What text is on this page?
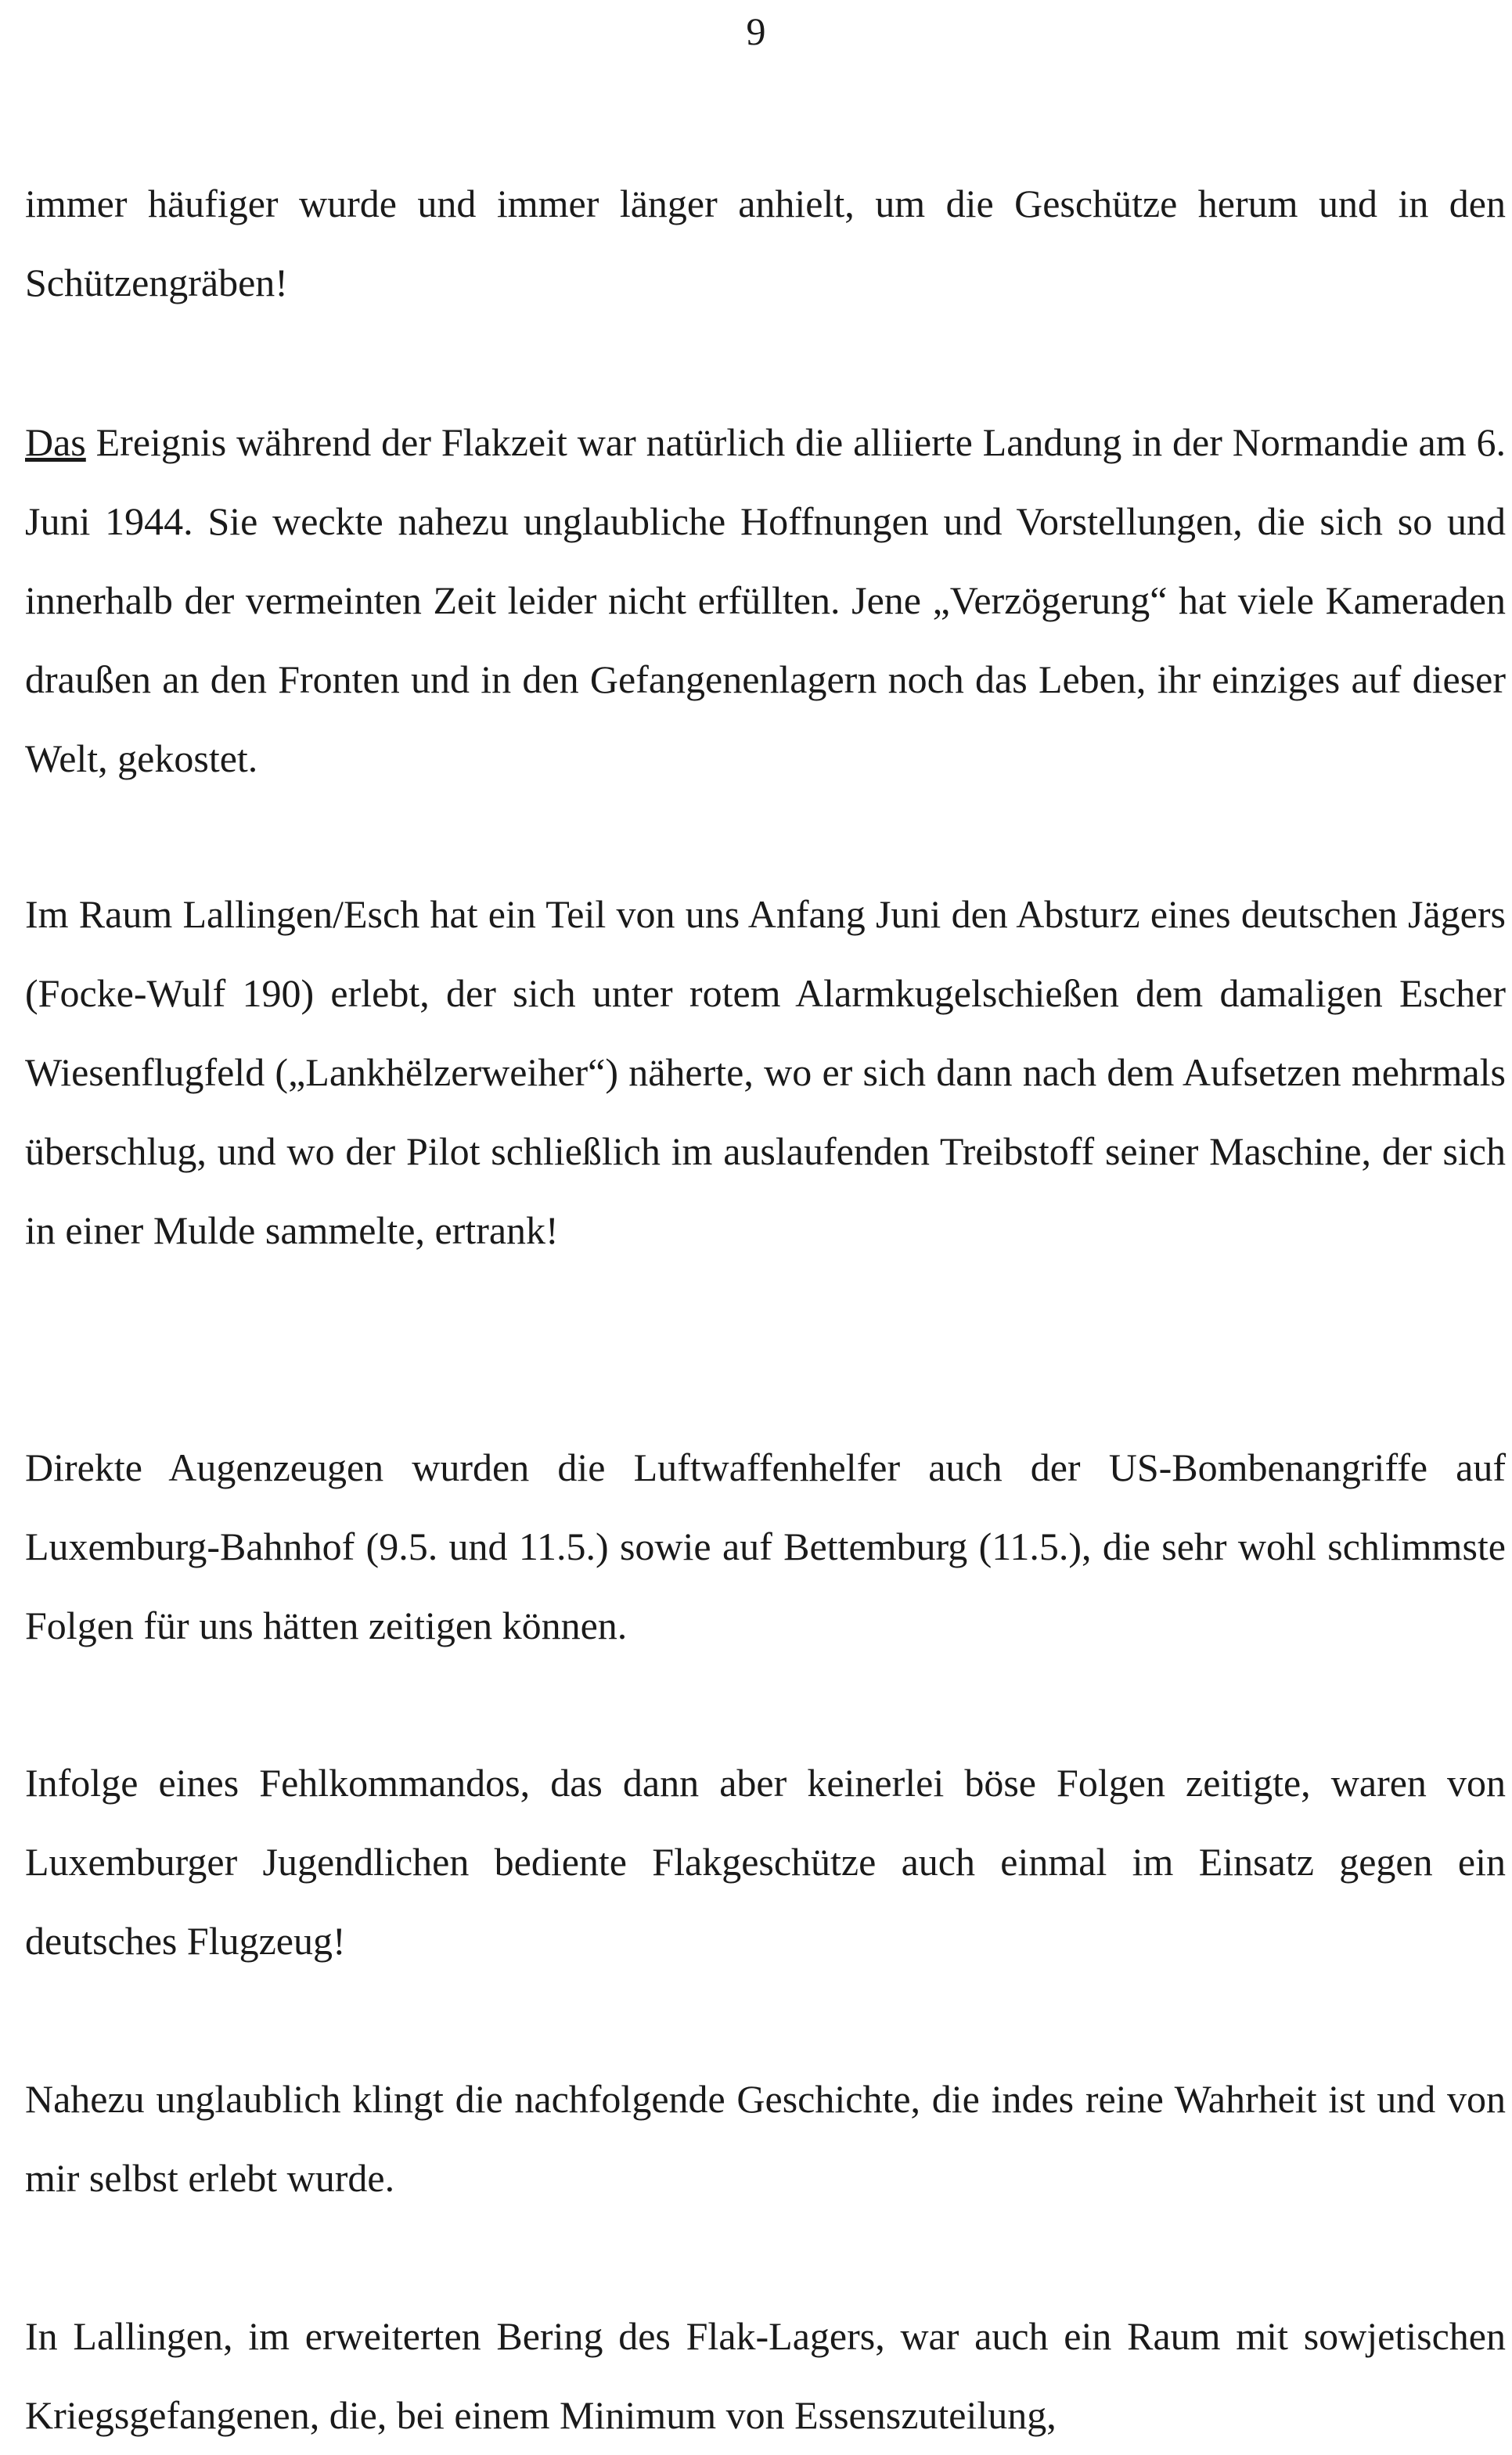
9

immer häufiger wurde und immer länger anhielt, um die Geschütze herum und in den Schützengräben!

Das Ereignis während der Flakzeit war natürlich die alliierte Landung in der Normandie am 6. Juni 1944. Sie weckte nahezu unglaubliche Hoffnungen und Vorstellungen, die sich so und innerhalb der vermeinten Zeit leider nicht erfüllten. Jene „Verzögerung“ hat viele Kameraden draußen an den Fronten und in den Gefangenenlagern noch das Leben, ihr einziges auf dieser Welt, gekostet.

Im Raum Lallingen/Esch hat ein Teil von uns Anfang Juni den Absturz eines deutschen Jägers (Focke-Wulf 190) erlebt, der sich unter rotem Alarmkugelschießen dem damaligen Escher Wiesenflugfeld („Lankhëlzerweiher“) näherte, wo er sich dann nach dem Aufsetzen mehrmals überschlug, und wo der Pilot schließlich im auslaufenden Treibstoff seiner Maschine, der sich in einer Mulde sammelte, ertrank!

Direkte Augenzeugen wurden die Luftwaffenhelfer auch der US-Bombenangriffe auf Luxemburg-Bahnhof (9.5. und 11.5.) sowie auf Bettemburg (11.5.), die sehr wohl schlimmste Folgen für uns hätten zeitigen können.

Infolge eines Fehlkommandos, das dann aber keinerlei böse Folgen zeitigte, waren von Luxemburger Jugendlichen bediente Flakgeschütze auch einmal im Einsatz gegen ein deutsches Flugzeug!

Nahezu unglaublich klingt die nachfolgende Geschichte, die indes reine Wahrheit ist und von mir selbst erlebt wurde.

In Lallingen, im erweiterten Bering des Flak-Lagers, war auch ein Raum mit sowjetischen Kriegsgefangenen, die, bei einem Minimum von Essenszuteilung,
